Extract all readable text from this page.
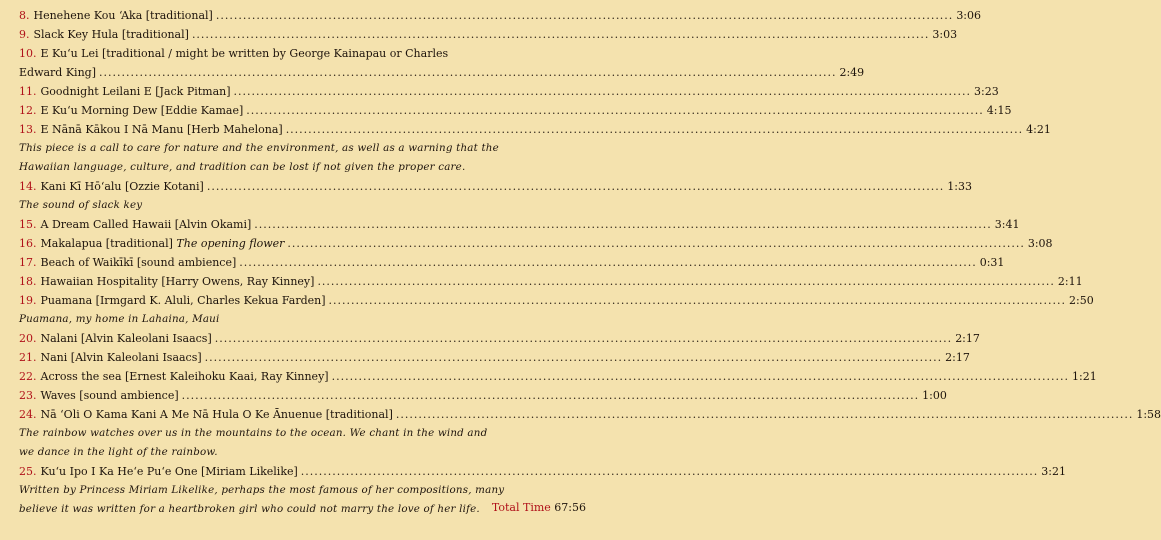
8. Henehene Kou ‘Aka [traditional] .....	3:06
9. Slack Key Hula [traditional] .....	3:03
10. E Ku‘u Lei [traditional / might be written by George Kainapau or Charles
Edward King] .....	2:49
11. Goodnight Leilani E [Jack Pitman] .....	3:23
12. E Ku‘u Morning Dew [Eddie Kamae] .....	4:15
13. E Nānā Kākou I Nā Manu [Herb Mahelona] .....	4:21
This piece is a call to care for nature and the environment, as well as a warning that the
Hawaiian language, culture, and tradition can be lost if not given the proper care.
14. Kani Kī Hō‘alu [Ozzie Kotani] .....	1:33
The sound of slack key
15. A Dream Called Hawaii [Alvin Okami] .....	3:41
16. Makalapua [traditional] The opening flower .....	3:08
17. Beach of Waikīkī [sound ambience] .....	0:31
18. Hawaiian Hospitality [Harry Owens, Ray Kinney] .....	2:11
19. Puamana [Irmgard K. Aluli, Charles Kekua Farden] .....	2:50
Puamana, my home in Lahaina, Maui
20. Nalani [Alvin Kaleolani Isaacs] .....	2:17
21. Nani [Alvin Kaleolani Isaacs] .....	2:17
22. Across the sea [Ernest Kaleihoku Kaai, Ray Kinney] .....	1:21
23. Waves [sound ambience] .....	1:00
24. Nā ‘Oli O Kama Kani A Me Nā Hula O Ke Ānuenue [traditional] .....	1:58
The rainbow watches over us in the mountains to the ocean. We chant in the wind and
we dance in the light of the rainbow.
25. Ku‘u Ipo I Ka He‘e Pu‘e One [Miriam Likelike] .....	3:21
Written by Princess Miriam Likelike, perhaps the most famous of her compositions, many
believe it was written for a heartbroken girl who could not marry the love of her life.	Total Time 67:56
